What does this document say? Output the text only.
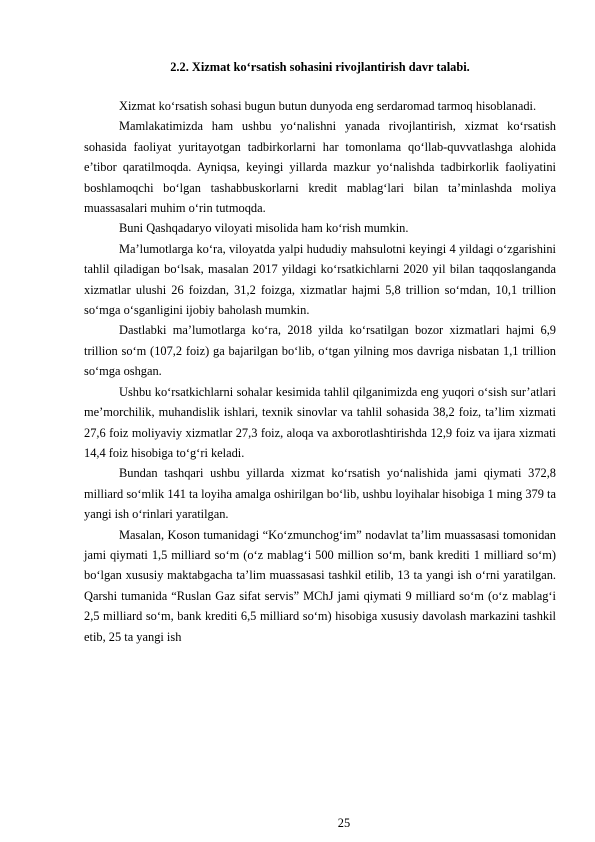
2.2. Xizmat ko‘rsatish sohasini rivojlantirish davr talabi.

Xizmat ko‘rsatish sohasi bugun butun dunyoda eng serdaromad tarmoq hisoblanadi.

Mamlakatimizda ham ushbu yo‘nalishni yanada rivojlantirish, xizmat ko‘rsatish sohasida faoliyat yuritayotgan tadbirkorlarni har tomonlama qo‘llab-quvvatlashga alohida e’tibor qaratilmoqda. Ayniqsa, keyingi yillarda mazkur yo‘nalishda tadbirkorlik faoliyatini boshlamoqchi bo‘lgan tashabbuskorlarni kredit mablag‘lari bilan ta’minlashda moliya muassasalari muhim o‘rin tutmoqda.

Buni Qashqadaryo viloyati misolida ham ko‘rish mumkin.

Ma’lumotlarga ko‘ra, viloyatda yalpi hududiy mahsulotni keyingi 4 yildagi o‘zgarishini tahlil qiladigan bo‘lsak, masalan 2017 yildagi ko‘rsatkichlarni 2020 yil bilan taqqoslanganda xizmatlar ulushi 26 foizdan, 31,2 foizga, xizmatlar hajmi 5,8 trillion so‘mdan, 10,1 trillion so‘mga o‘sganligini ijobiy baholash mumkin.

Dastlabki ma’lumotlarga ko‘ra, 2018 yilda ko‘rsatilgan bozor xizmatlari hajmi 6,9 trillion so‘m (107,2 foiz) ga bajarilgan bo‘lib, o‘tgan yilning mos davriga nisbatan 1,1 trillion so‘mga oshgan.

Ushbu ko‘rsatkichlarni sohalar kesimida tahlil qilganimizda eng yuqori o‘sish sur’atlari me’morchilik, muhandislik ishlari, texnik sinovlar va tahlil sohasida 38,2 foiz, ta’lim xizmati 27,6 foiz moliyaviy xizmatlar 27,3 foiz, aloqa va axborotlashtirishda 12,9 foiz va ijara xizmati 14,4 foiz hisobiga to‘g‘ri keladi.

Bundan tashqari ushbu yillarda xizmat ko‘rsatish yo‘nalishida jami qiymati 372,8 milliard so‘mlik 141 ta loyiha amalga oshirilgan bo‘lib, ushbu loyihalar hisobiga 1 ming 379 ta yangi ish o‘rinlari yaratilgan.

Masalan, Koson tumanidagi “Ko‘zmunchog‘im” nodavlat ta’lim muassasasi tomonidan jami qiymati 1,5 milliard so‘m (o‘z mablag‘i 500 million so‘m, bank krediti 1 milliard so‘m) bo‘lgan xususiy maktabgacha ta’lim muassasasi tashkil etilib, 13 ta yangi ish o‘rni yaratilgan. Qarshi tumanida “Ruslan Gaz sifat servis” MChJ jami qiymati 9 milliard so‘m (o‘z mablag‘i 2,5 milliard so‘m, bank krediti 6,5 milliard so‘m) hisobiga xususiy davolash markazini tashkil etib, 25 ta yangi ish

25
